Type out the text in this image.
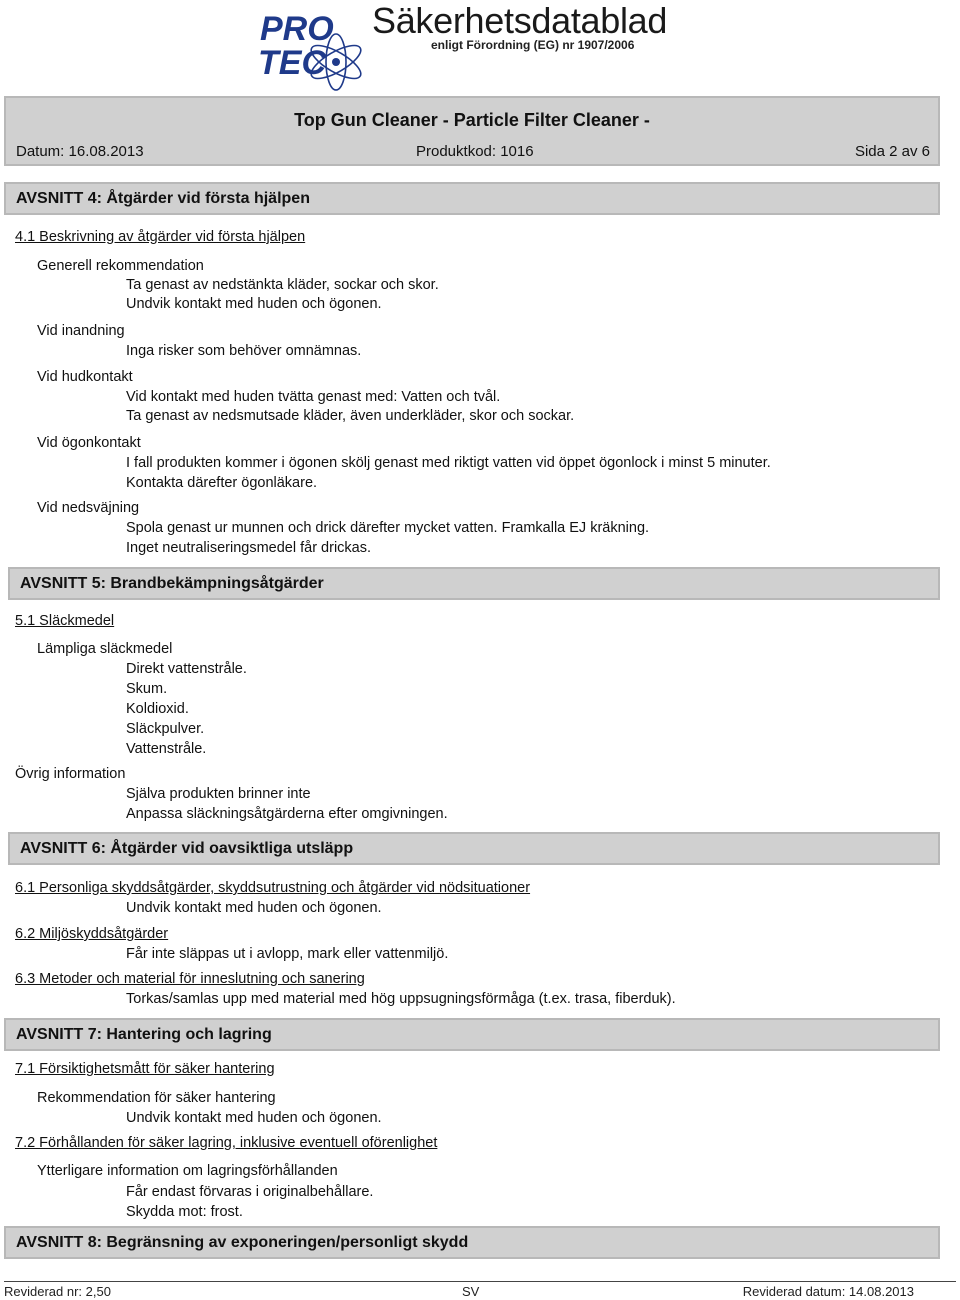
PRO
TEC
Säkerhetsdatablad
enligt Förordning (EG) nr 1907/2006
Top Gun Cleaner - Particle Filter Cleaner -
Datum: 16.08.2013	Produktkod: 1016	Sida 2 av 6
AVSNITT 4: Åtgärder vid första hjälpen
4.1 Beskrivning av åtgärder vid första hjälpen
Generell rekommendation
Ta genast av nedstänkta kläder, sockar och skor.
Undvik kontakt med huden och ögonen.
Vid inandning
Inga risker som behöver omnämnas.
Vid hudkontakt
Vid kontakt med huden tvätta genast med: Vatten och tvål.
Ta genast av nedsmutsade kläder, även underkläder, skor och sockar.
Vid ögonkontakt
I fall produkten kommer i ögonen skölj genast med riktigt vatten vid öppet ögonlock i minst 5 minuter.
Kontakta därefter ögonläkare.
Vid nedsväjning
Spola genast ur munnen och drick därefter mycket vatten. Framkalla EJ kräkning.
Inget neutraliseringsmedel får drickas.
AVSNITT 5: Brandbekämpningsåtgärder
5.1 Släckmedel
Lämpliga släckmedel
Direkt vattenstråle.
Skum.
Koldioxid.
Släckpulver.
Vattenstråle.
Övrig information
Själva produkten brinner inte
Anpassa släckningsåtgärderna efter omgivningen.
AVSNITT 6: Åtgärder vid oavsiktliga utsläpp
6.1 Personliga skyddsåtgärder, skyddsutrustning och åtgärder vid nödsituationer
Undvik kontakt med huden och ögonen.
6.2 Miljöskyddsåtgärder
Får inte släppas ut i avlopp, mark eller vattenmiljö.
6.3 Metoder och material för inneslutning och sanering
Torkas/samlas upp med material med hög uppsugningsförmåga (t.ex. trasa, fiberduk).
AVSNITT 7: Hantering och lagring
7.1 Försiktighetsmått för säker hantering
Rekommendation för säker hantering
Undvik kontakt med huden och ögonen.
7.2 Förhållanden för säker lagring, inklusive eventuell oförenlighet
Ytterligare information om lagringsförhållanden
Får endast förvaras i originalbehållare.
Skydda mot: frost.
AVSNITT 8: Begränsning av exponeringen/personligt skydd
Reviderad nr: 2,50	SV	Reviderad datum: 14.08.2013
